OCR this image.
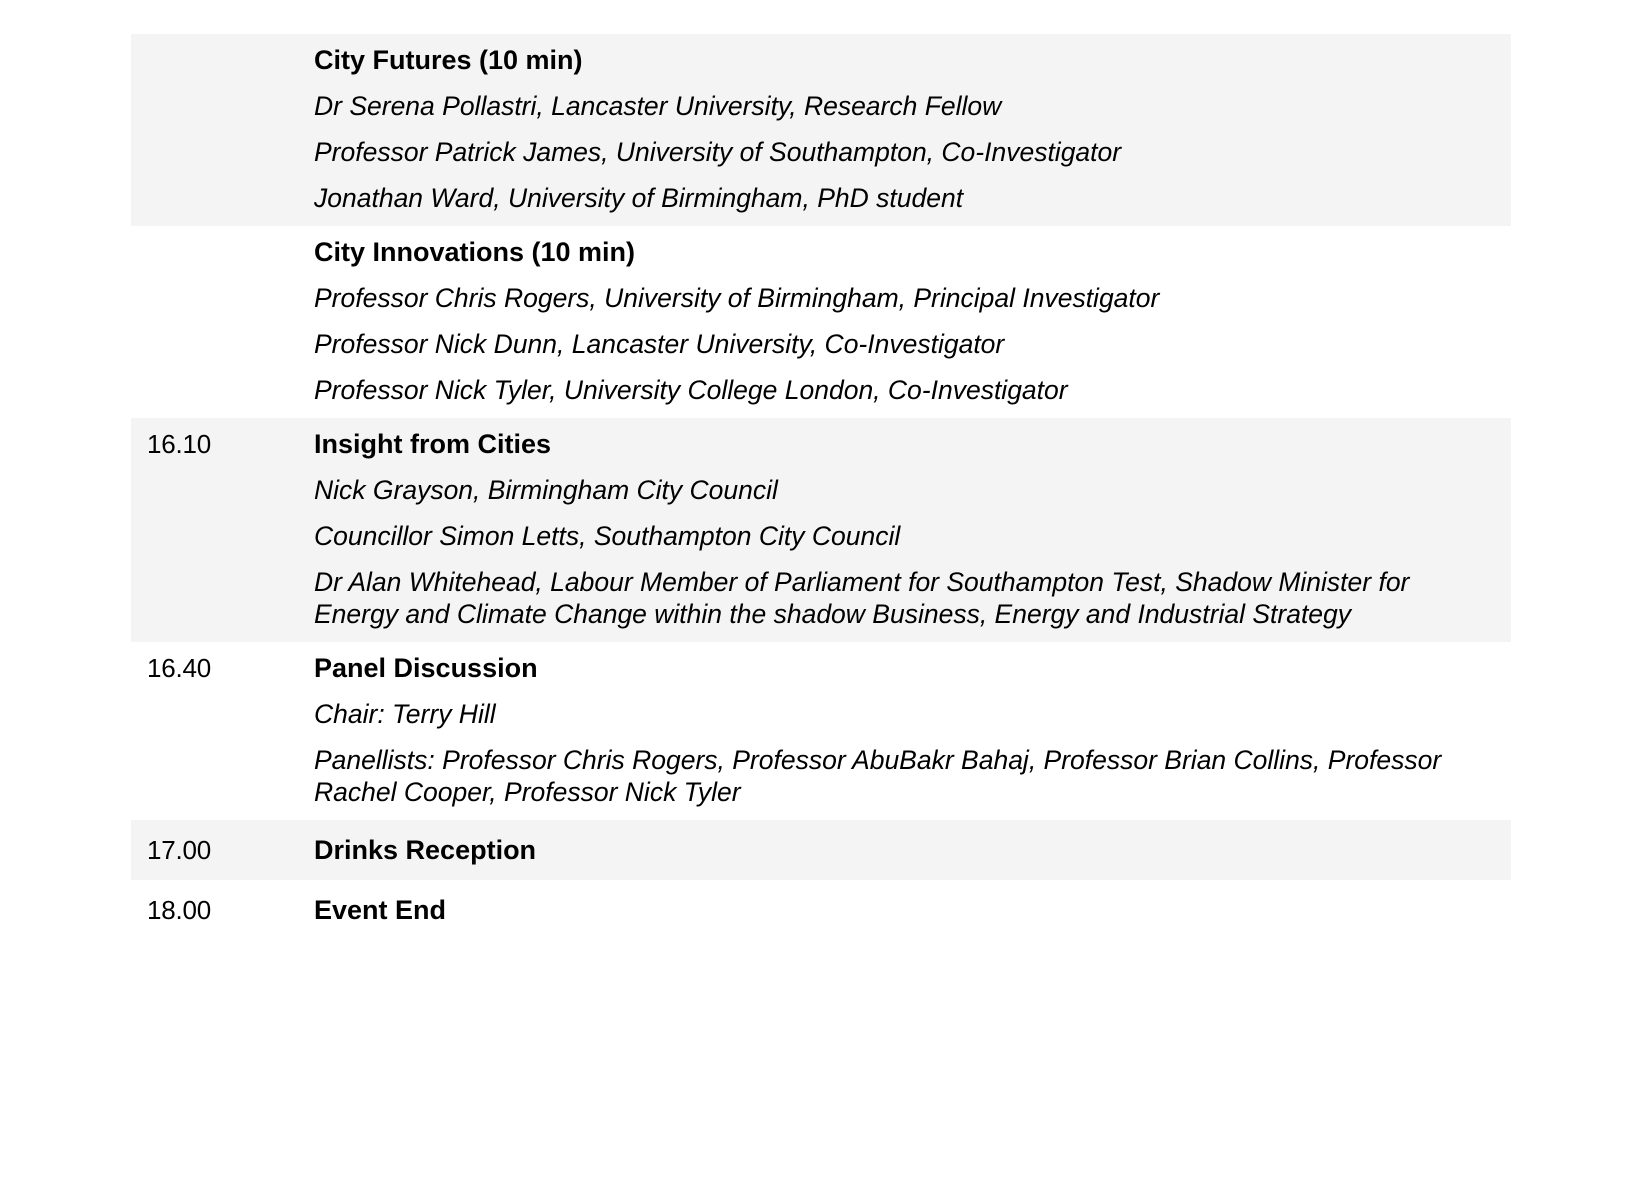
City Futures (10 min)
Dr Serena Pollastri, Lancaster University, Research Fellow
Professor Patrick James, University of Southampton, Co-Investigator
Jonathan Ward, University of Birmingham, PhD student
City Innovations (10 min)
Professor Chris Rogers, University of Birmingham, Principal Investigator
Professor Nick Dunn, Lancaster University, Co-Investigator
Professor Nick Tyler, University College London, Co-Investigator
16.10	Insight from Cities
Nick Grayson, Birmingham City Council
Councillor Simon Letts, Southampton City Council
Dr Alan Whitehead, Labour Member of Parliament for Southampton Test, Shadow Minister for Energy and Climate Change within the shadow Business, Energy and Industrial Strategy
16.40	Panel Discussion
Chair: Terry Hill
Panellists: Professor Chris Rogers, Professor AbuBakr Bahaj, Professor Brian Collins, Professor Rachel Cooper, Professor Nick Tyler
17.00	Drinks Reception
18.00	Event End
